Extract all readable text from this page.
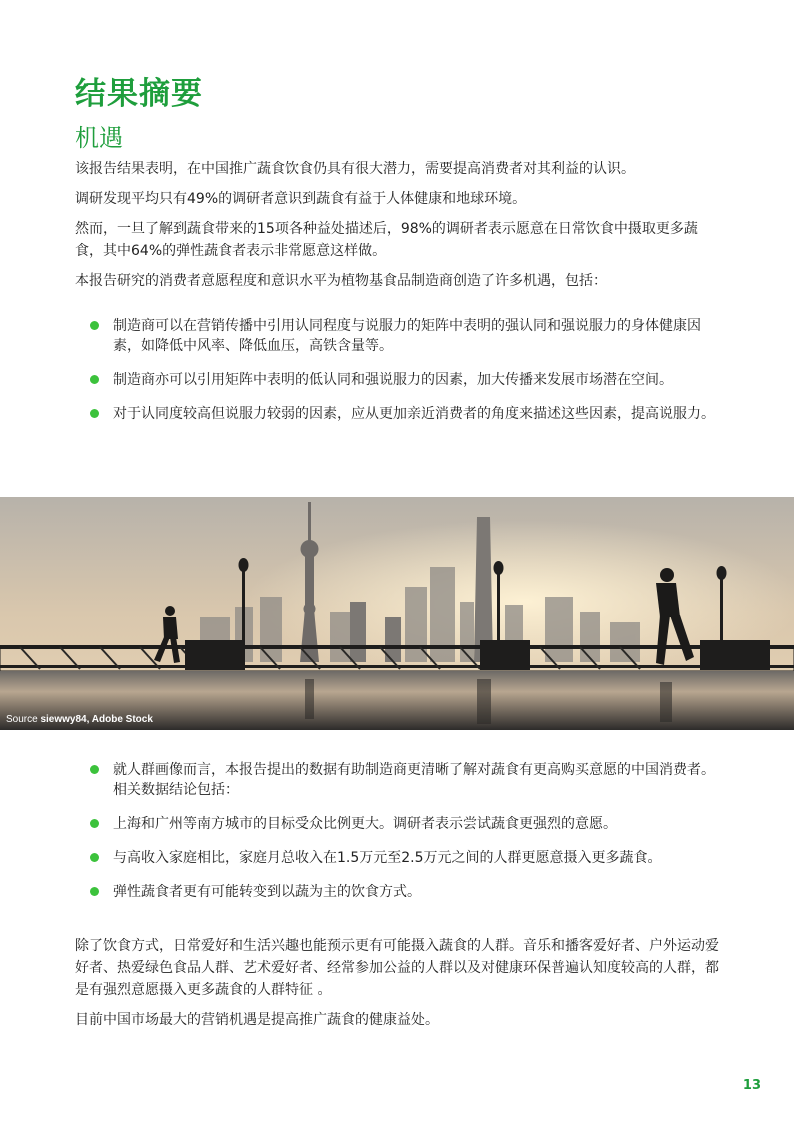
结果摘要
机遇

该报告结果表明，在中国推广蔬食饮食仍具有很大潜力，需要提高消费者对其利益的认识。

调研发现平均只有49%的调研者意识到蔬食有益于人体健康和地球环境。

然而，一旦了解到蔬食带来的15项各种益处描述后，98%的调研者表示愿意在日常饮食中摄取更多蔬食，其中64%的弹性蔬食者表示非常愿意这样做。

本报告研究的消费者意愿程度和意识水平为植物基食品制造商创造了许多机遇，包括：

制造商可以在营销传播中引用认同程度与说服力的矩阵中表明的强认同和强说服力的身体健康因素，如降低中风率、降低血压，高铁含量等。
制造商亦可以引用矩阵中表明的低认同和强说服力的因素，加大传播来发展市场潜在空间。
对于认同度较高但说服力较弱的因素，应从更加亲近消费者的角度来描述这些因素，提高说服力。
Source siewwy84, Adobe Stock
就人群画像而言，本报告提出的数据有助制造商更清晰了解对蔬食有更高购买意愿的中国消费者。相关数据结论包括：
上海和广州等南方城市的目标受众比例更大。调研者表示尝试蔬食更强烈的意愿。
与高收入家庭相比，家庭月总收入在1.5万元至2.5万元之间的人群更愿意摄入更多蔬食。
弹性蔬食者更有可能转变到以蔬为主的饮食方式。

除了饮食方式，日常爱好和生活兴趣也能预示更有可能摄入蔬食的人群。音乐和播客爱好者、户外运动爱好者、热爱绿色食品人群、艺术爱好者、经常参加公益的人群以及对健康环保普遍认知度较高的人群，都是有强烈意愿摄入更多蔬食的人群特征 。

目前中国市场最大的营销机遇是提高推广蔬食的健康益处。

13
